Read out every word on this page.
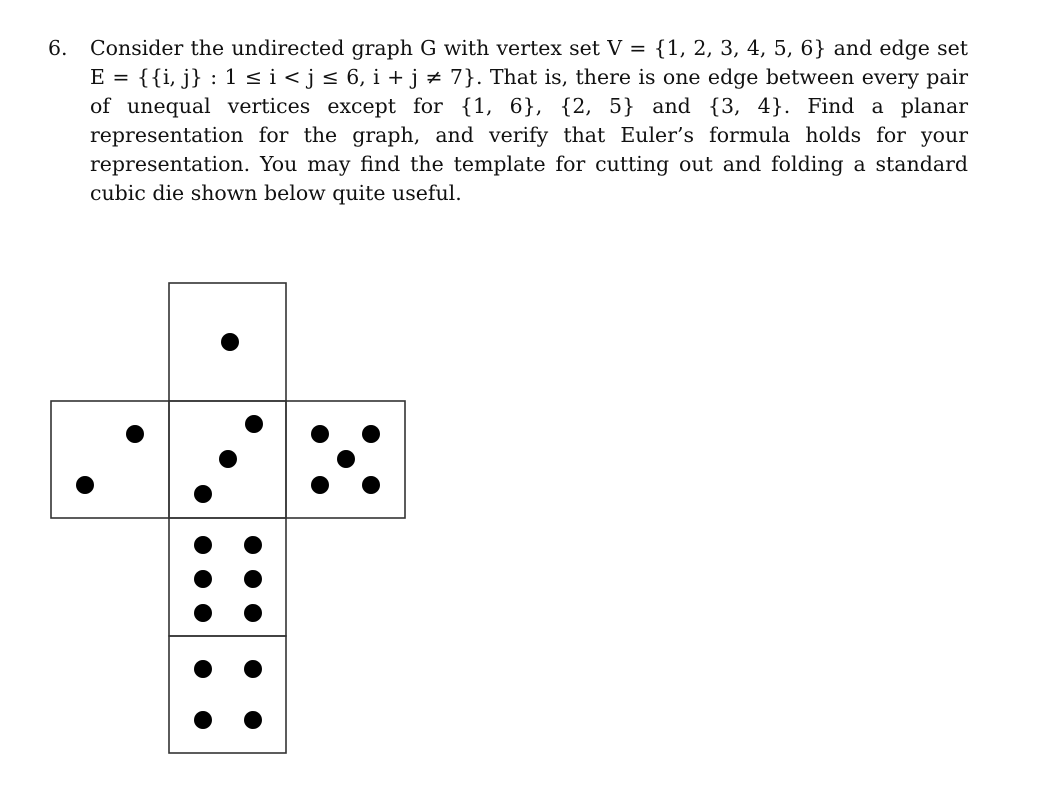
6. Consider the undirected graph G with vertex set V = {1, 2, 3, 4, 5, 6} and edge set E = {{i, j} : 1 ≤ i < j ≤ 6, i + j ≠ 7}. That is, there is one edge between every pair of unequal vertices except for {1, 6}, {2, 5} and {3, 4}. Find a planar representation for the graph, and verify that Euler’s formula holds for your representation. You may find the template for cutting out and folding a standard cubic die shown below quite useful.
